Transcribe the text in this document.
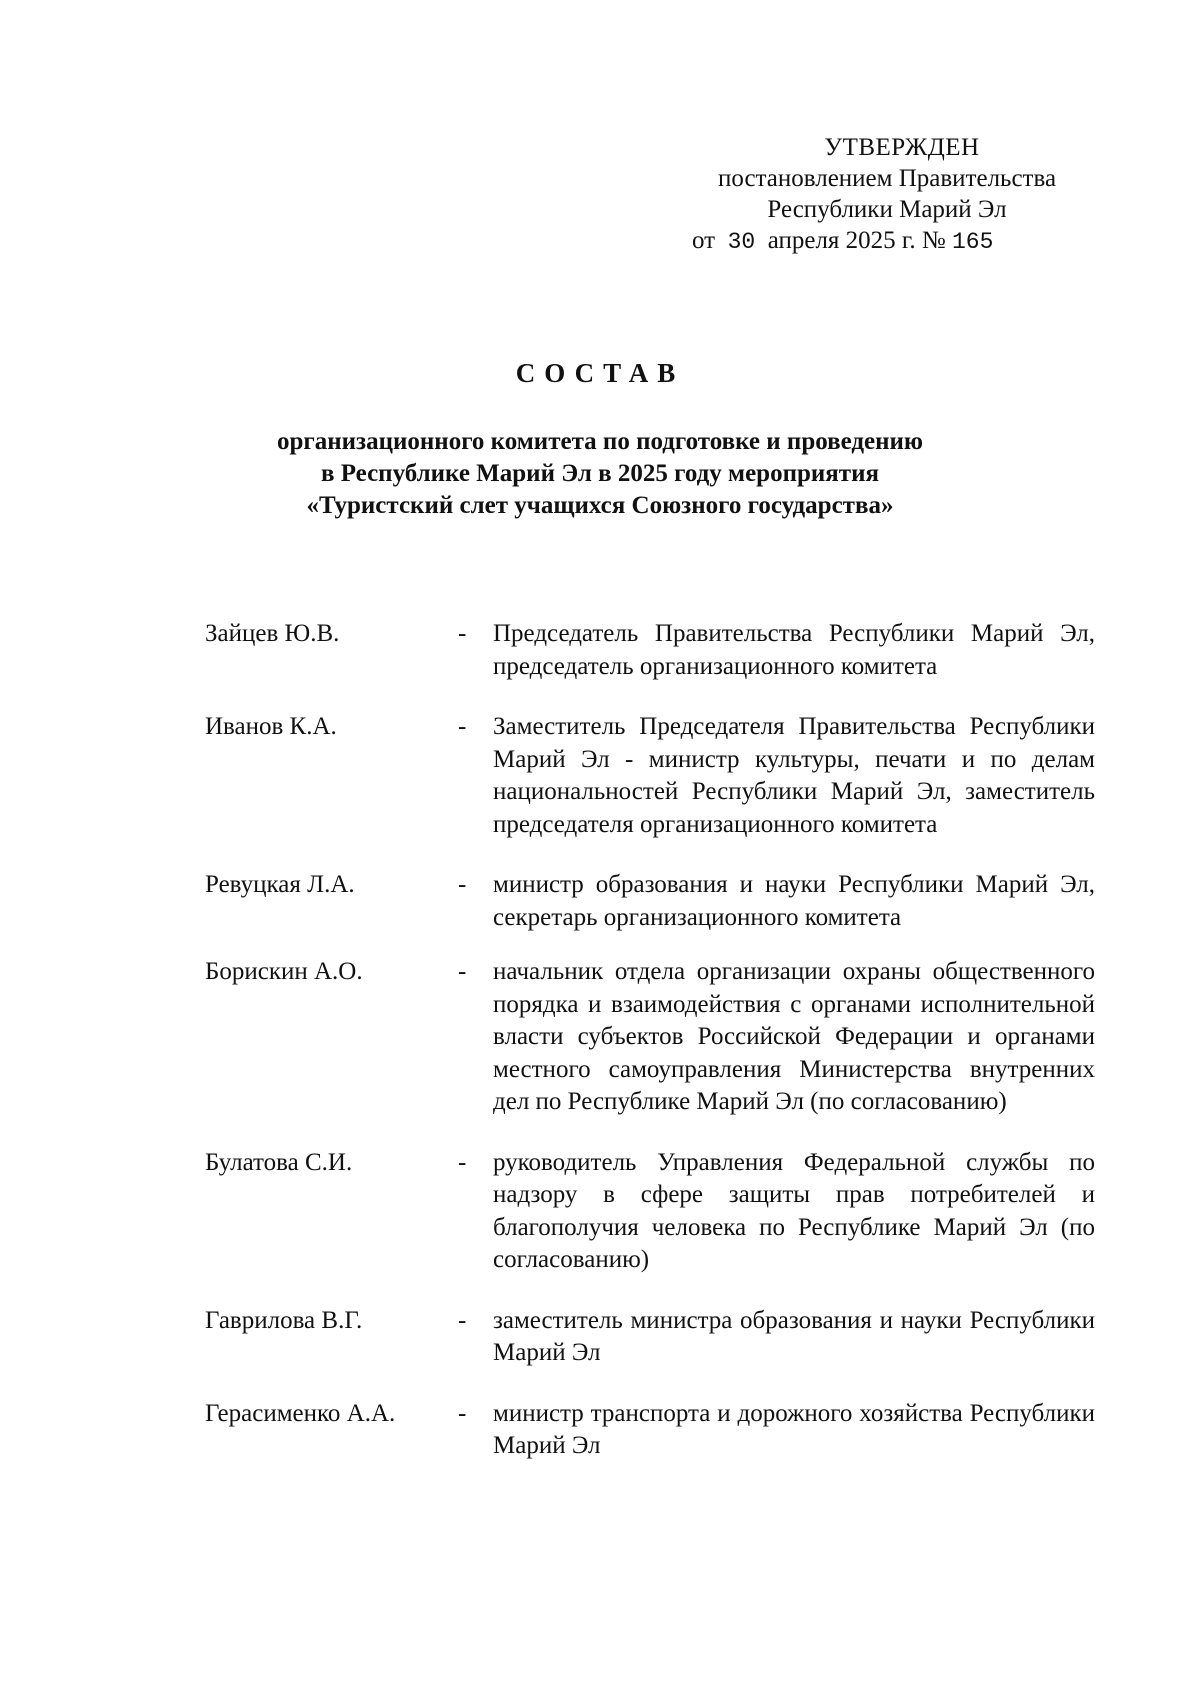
УТВЕРЖДЕН
постановлением Правительства
Республики Марий Эл
от 30 апреля 2025 г. № 165
СОСТАВ
организационного комитета по подготовке и проведению
в Республике Марий Эл в 2025 году мероприятия
«Туристский слет учащихся Союзного государства»
Зайцев Ю.В.	-	Председатель Правительства Республики Марий Эл, председатель организационного комитета
Иванов К.А.	-	Заместитель Председателя Правительства Республики Марий Эл - министр культуры, печати и по делам национальностей Республики Марий Эл, заместитель председателя организационного комитета
Ревуцкая Л.А.	-	министр образования и науки Республики Марий Эл, секретарь организационного комитета
Борискин А.О.	-	начальник отдела организации охраны общественного порядка и взаимодействия с органами исполнительной власти субъектов Российской Федерации и органами местного самоуправления Министерства внутренних дел по Республике Марий Эл (по согласованию)
Булатова С.И.	-	руководитель Управления Федеральной службы по надзору в сфере защиты прав потребителей и благополучия человека по Республике Марий Эл (по согласованию)
Гаврилова В.Г.	-	заместитель министра образования и науки Республики Марий Эл
Герасименко А.А.	-	министр транспорта и дорожного хозяйства Республики Марий Эл
